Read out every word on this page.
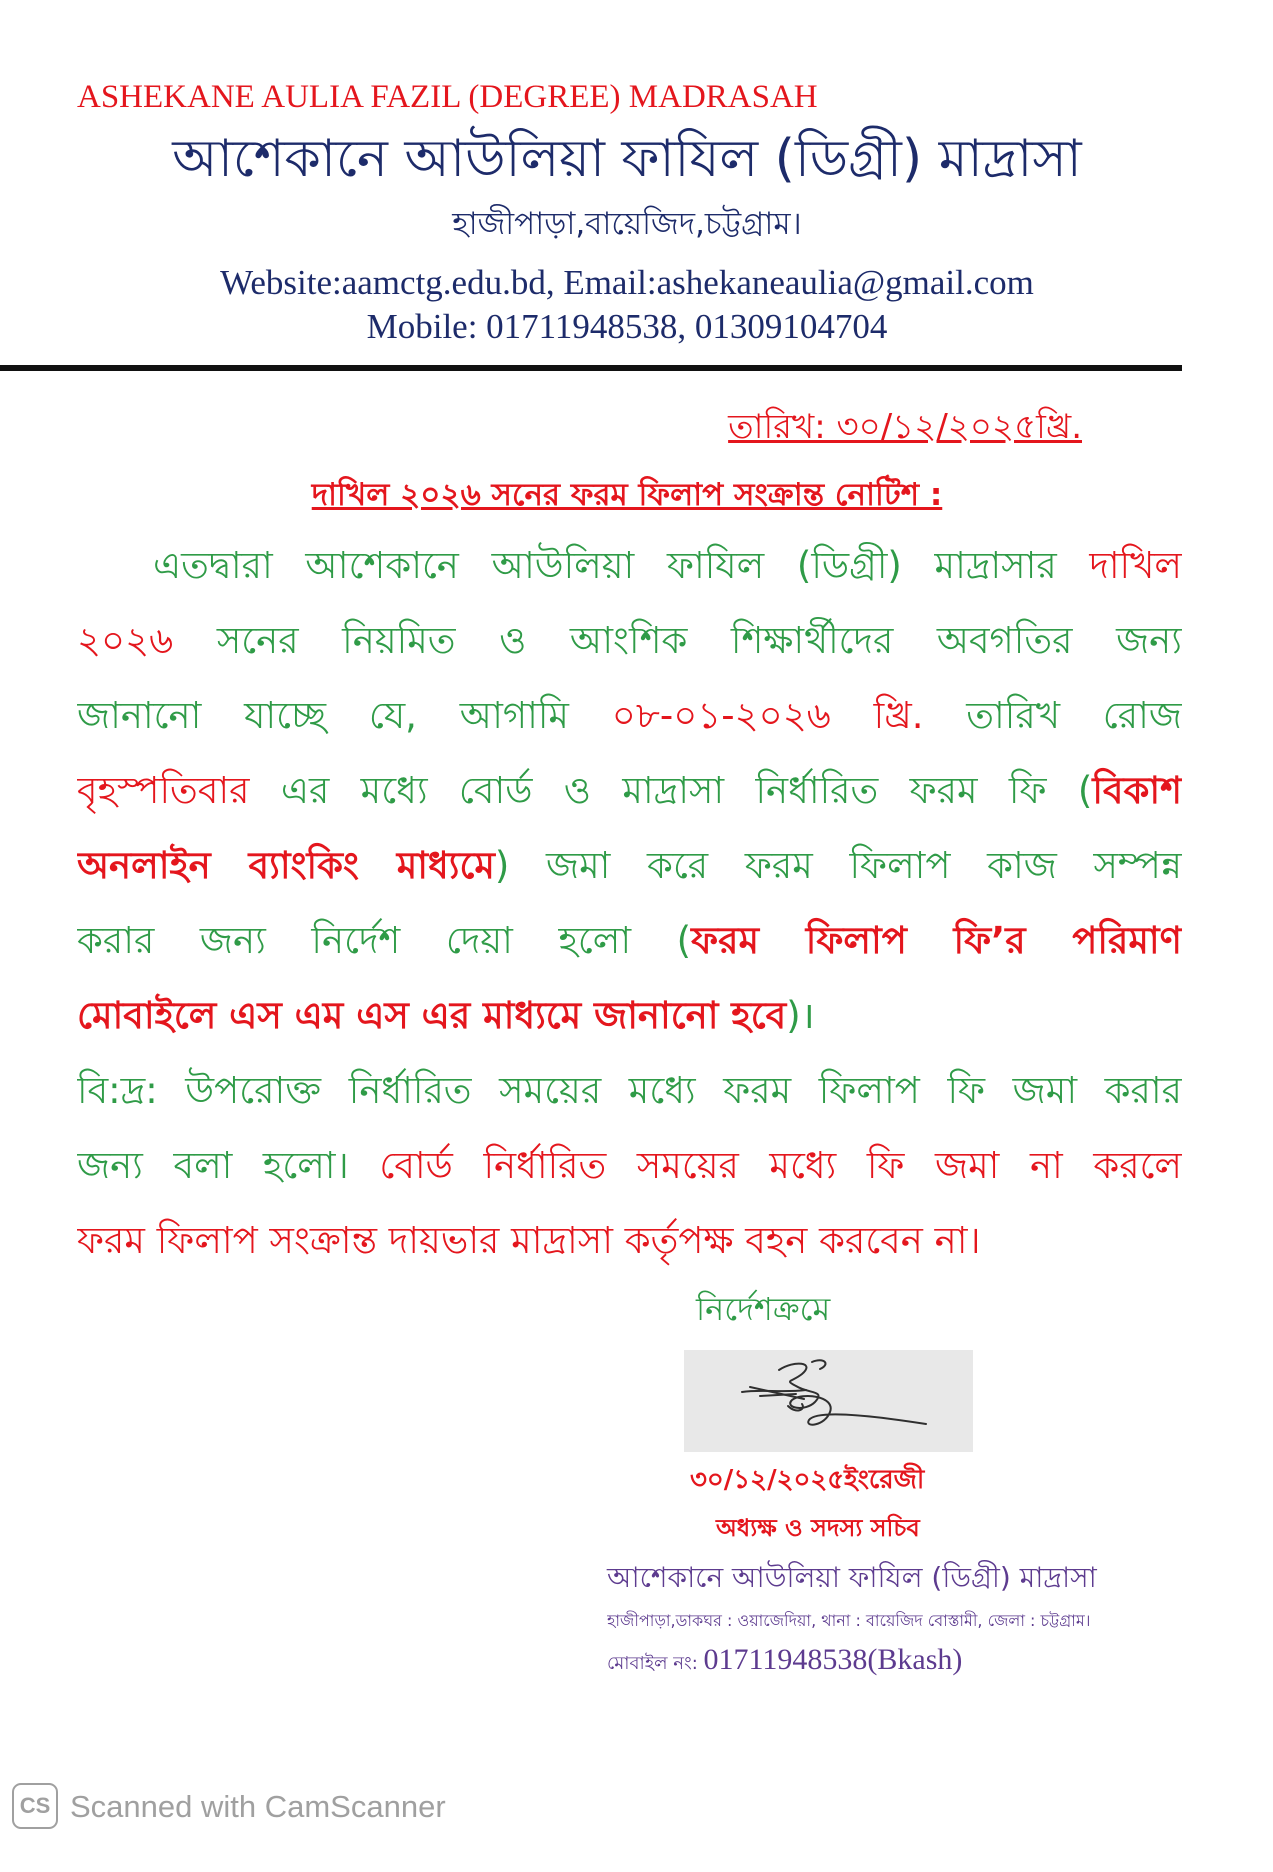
ASHEKANE AULIA FAZIL (DEGREE) MADRASAH
আশেকানে আউলিয়া ফাযিল (ডিগ্রী) মাদ্রাসা
হাজীপাড়া,বায়েজিদ,চট্টগ্রাম।
Website:aamctg.edu.bd, Email:ashekaneaulia@gmail.com
Mobile: 01711948538, 01309104704
তারিখ: ৩০/১২/২০২৫খ্রি.
দাখিল ২০২৬ সনের ফরম ফিলাপ সংক্রান্ত নোটিশ :
এতদ্বারা আশেকানে আউলিয়া ফাযিল (ডিগ্রী) মাদ্রাসার দাখিল
২০২৬ সনের নিয়মিত ও আংশিক শিক্ষার্থীদের অবগতির জন্য
জানানো যাচ্ছে যে, আগামি ০৮-০১-২০২৬ খ্রি. তারিখ রোজ
বৃহস্পতিবার এর মধ্যে বোর্ড ও মাদ্রাসা নির্ধারিত ফরম ফি (বিকাশ
অনলাইন ব্যাংকিং মাধ্যমে) জমা করে ফরম ফিলাপ কাজ সম্পন্ন
করার জন্য নির্দেশ দেয়া হলো (ফরম ফিলাপ ফি’র পরিমাণ
মোবাইলে এস এম এস এর মাধ্যমে জানানো হবে)।
বি:দ্র: উপরোক্ত নির্ধারিত সময়ের মধ্যে ফরম ফিলাপ ফি জমা করার
জন্য বলা হলো। বোর্ড নির্ধারিত সময়ের মধ্যে ফি জমা না করলে
ফরম ফিলাপ সংক্রান্ত দায়ভার মাদ্রাসা কর্তৃপক্ষ বহন করবেন না।
নির্দেশক্রমে
৩০/১২/২০২৫ইংরেজী
অধ্যক্ষ ও সদস্য সচিব
আশেকানে আউলিয়া ফাযিল (ডিগ্রী) মাদ্রাসা
হাজীপাড়া,ডাকঘর : ওয়াজেদিয়া, থানা : বায়েজিদ বোস্তামী, জেলা : চট্টগ্রাম।
মোবাইল নং: 01711948538(Bkash)
CS Scanned with CamScanner
